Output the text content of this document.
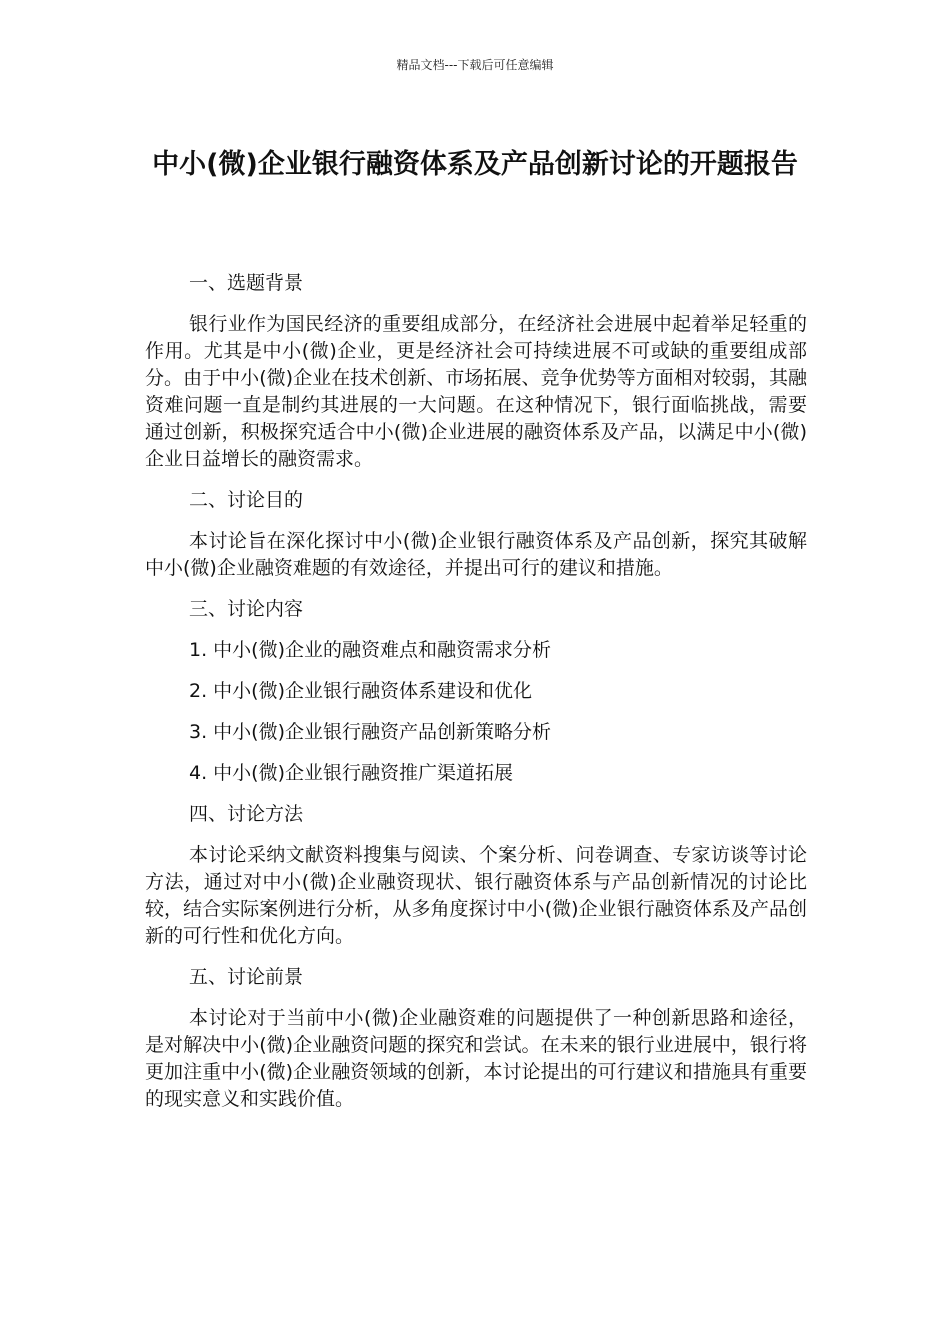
精品文档---下载后可任意编辑
中小(微)企业银行融资体系及产品创新讨论的开题报告

一、选题背景

银行业作为国民经济的重要组成部分，在经济社会进展中起着举足轻重的作用。尤其是中小(微)企业，更是经济社会可持续进展不可或缺的重要组成部分。由于中小(微)企业在技术创新、市场拓展、竞争优势等方面相对较弱，其融资难问题一直是制约其进展的一大问题。在这种情况下，银行面临挑战，需要通过创新，积极探究适合中小(微)企业进展的融资体系及产品，以满足中小(微)企业日益增长的融资需求。

二、讨论目的

本讨论旨在深化探讨中小(微)企业银行融资体系及产品创新，探究其破解中小(微)企业融资难题的有效途径，并提出可行的建议和措施。

三、讨论内容

1. 中小(微)企业的融资难点和融资需求分析

2. 中小(微)企业银行融资体系建设和优化

3. 中小(微)企业银行融资产品创新策略分析

4. 中小(微)企业银行融资推广渠道拓展

四、讨论方法

本讨论采纳文献资料搜集与阅读、个案分析、问卷调查、专家访谈等讨论方法，通过对中小(微)企业融资现状、银行融资体系与产品创新情况的讨论比较，结合实际案例进行分析，从多角度探讨中小(微)企业银行融资体系及产品创新的可行性和优化方向。

五、讨论前景

本讨论对于当前中小(微)企业融资难的问题提供了一种创新思路和途径，是对解决中小(微)企业融资问题的探究和尝试。在未来的银行业进展中，银行将更加注重中小(微)企业融资领域的创新，本讨论提出的可行建议和措施具有重要的现实意义和实践价值。
